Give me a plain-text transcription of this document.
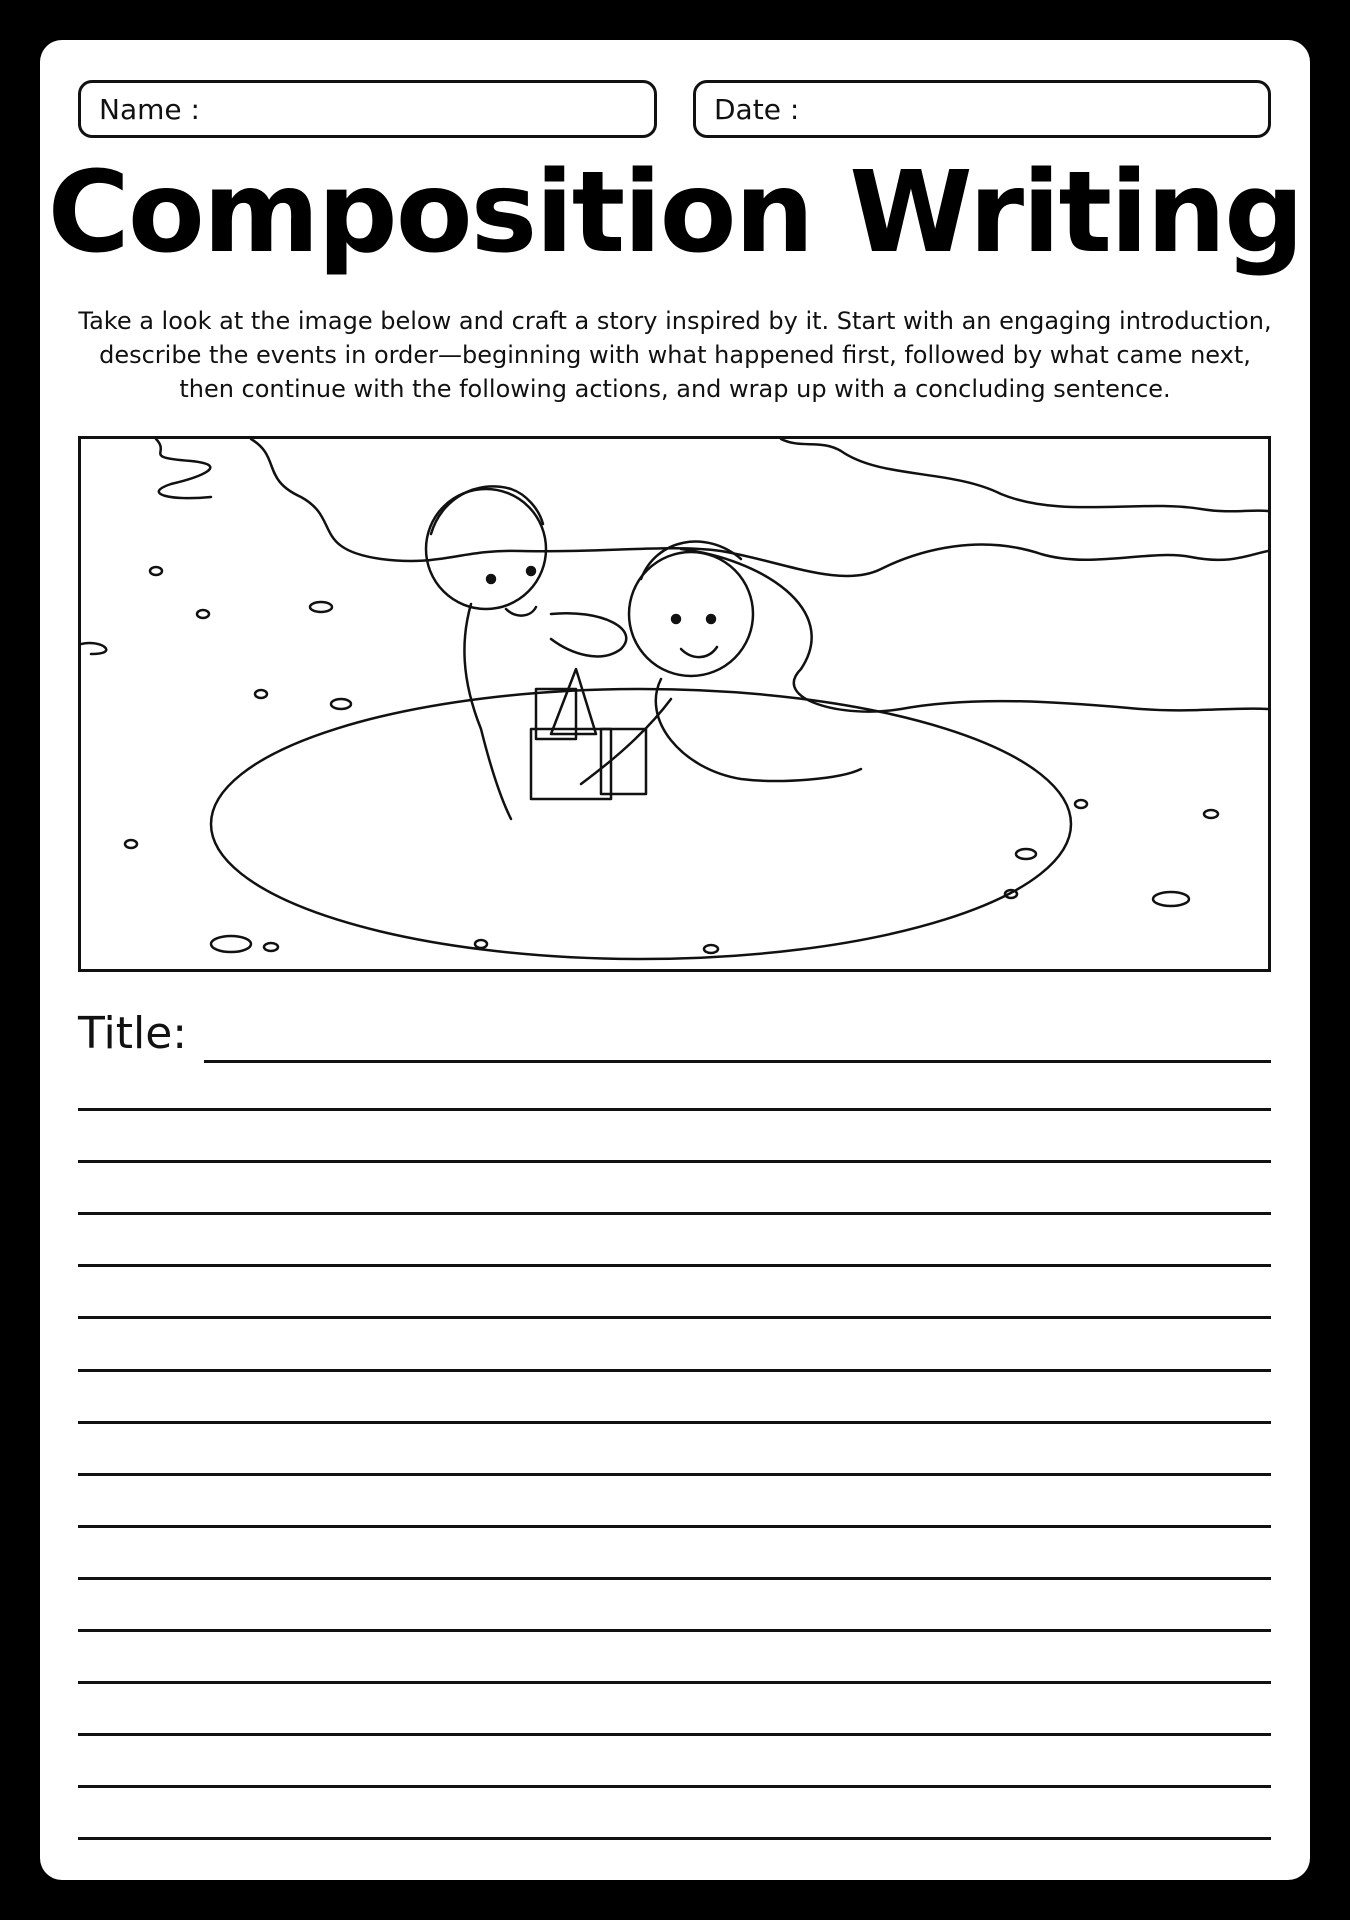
Name :	Date :
Composition Writing
Take a look at the image below and craft a story inspired by it. Start with an engaging introduction,
describe the events in order—beginning with what happened first, followed by what came next,
then continue with the following actions, and wrap up with a concluding sentence.
Title:
